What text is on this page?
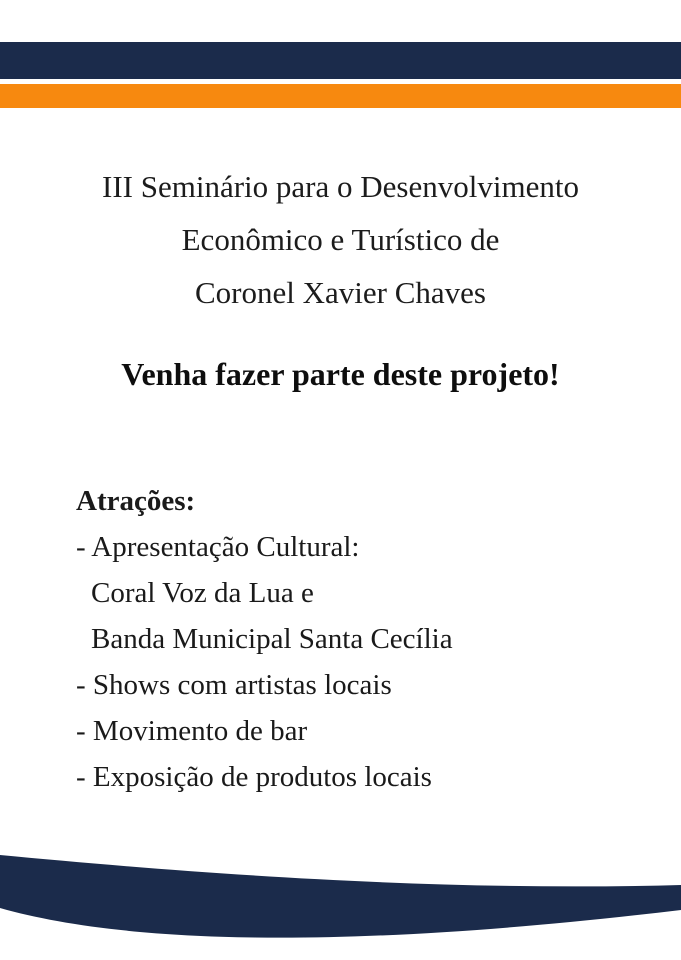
III Seminário para o Desenvolvimento
Econômico e Turístico de
Coronel Xavier Chaves
Venha fazer parte deste projeto!
Atrações:
- Apresentação Cultural:
Coral Voz da Lua e
Banda Municipal Santa Cecília
- Shows com artistas locais
- Movimento de bar
- Exposição de produtos locais
